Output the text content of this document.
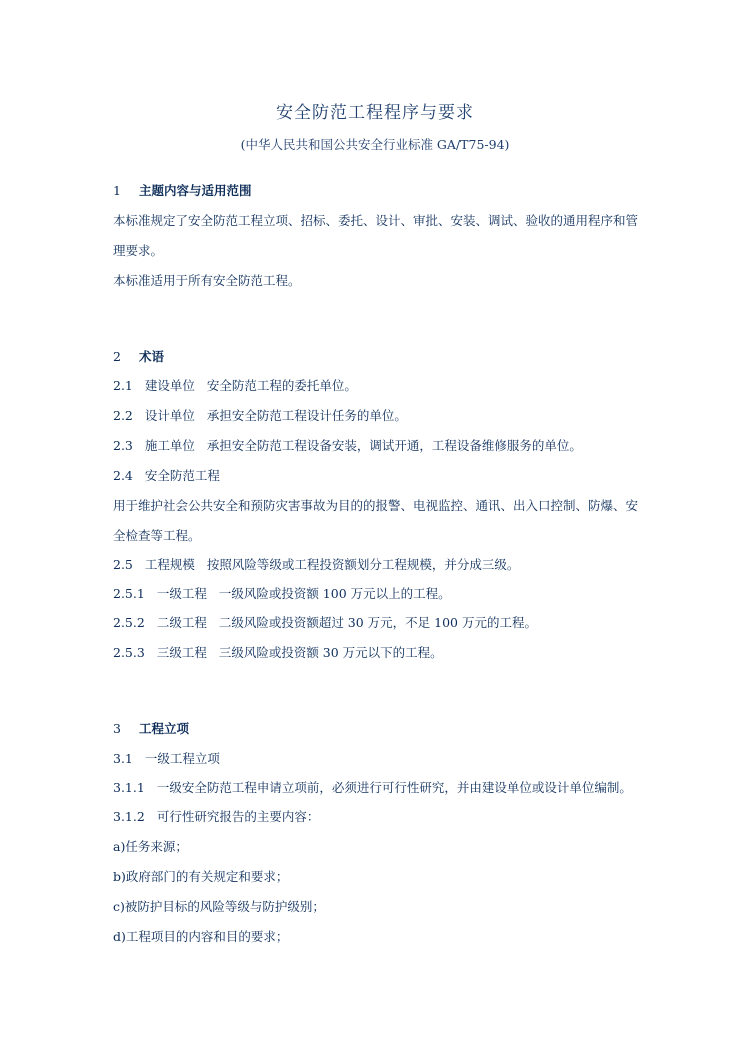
安全防范工程程序与要求
(中华人民共和国公共安全行业标准 GA/T75-94)
1 主题内容与适用范围
本标准规定了安全防范工程立项、招标、委托、设计、审批、安装、调试、验收的通用程序和管
理要求。
本标准适用于所有安全防范工程。
2 术语
2.1 建设单位 安全防范工程的委托单位。
2.2 设计单位 承担安全防范工程设计任务的单位。
2.3 施工单位 承担安全防范工程设备安装，调试开通，工程设备维修服务的单位。
2.4 安全防范工程
用于维护社会公共安全和预防灾害事故为目的的报警、电视监控、通讯、出入口控制、防爆、安
全检查等工程。
2.5 工程规模 按照风险等级或工程投资额划分工程规模，并分成三级。
2.5.1 一级工程 一级风险或投资额 100 万元以上的工程。
2.5.2 二级工程 二级风险或投资额超过 30 万元，不足 100 万元的工程。
2.5.3 三级工程 三级风险或投资额 30 万元以下的工程。
3 工程立项
3.1 一级工程立项
3.1.1 一级安全防范工程申请立项前，必须进行可行性研究，并由建设单位或设计单位编制。
3.1.2 可行性研究报告的主要内容：
a)任务来源；
b)政府部门的有关规定和要求；
c)被防护目标的风险等级与防护级别；
d)工程项目的内容和目的要求；
